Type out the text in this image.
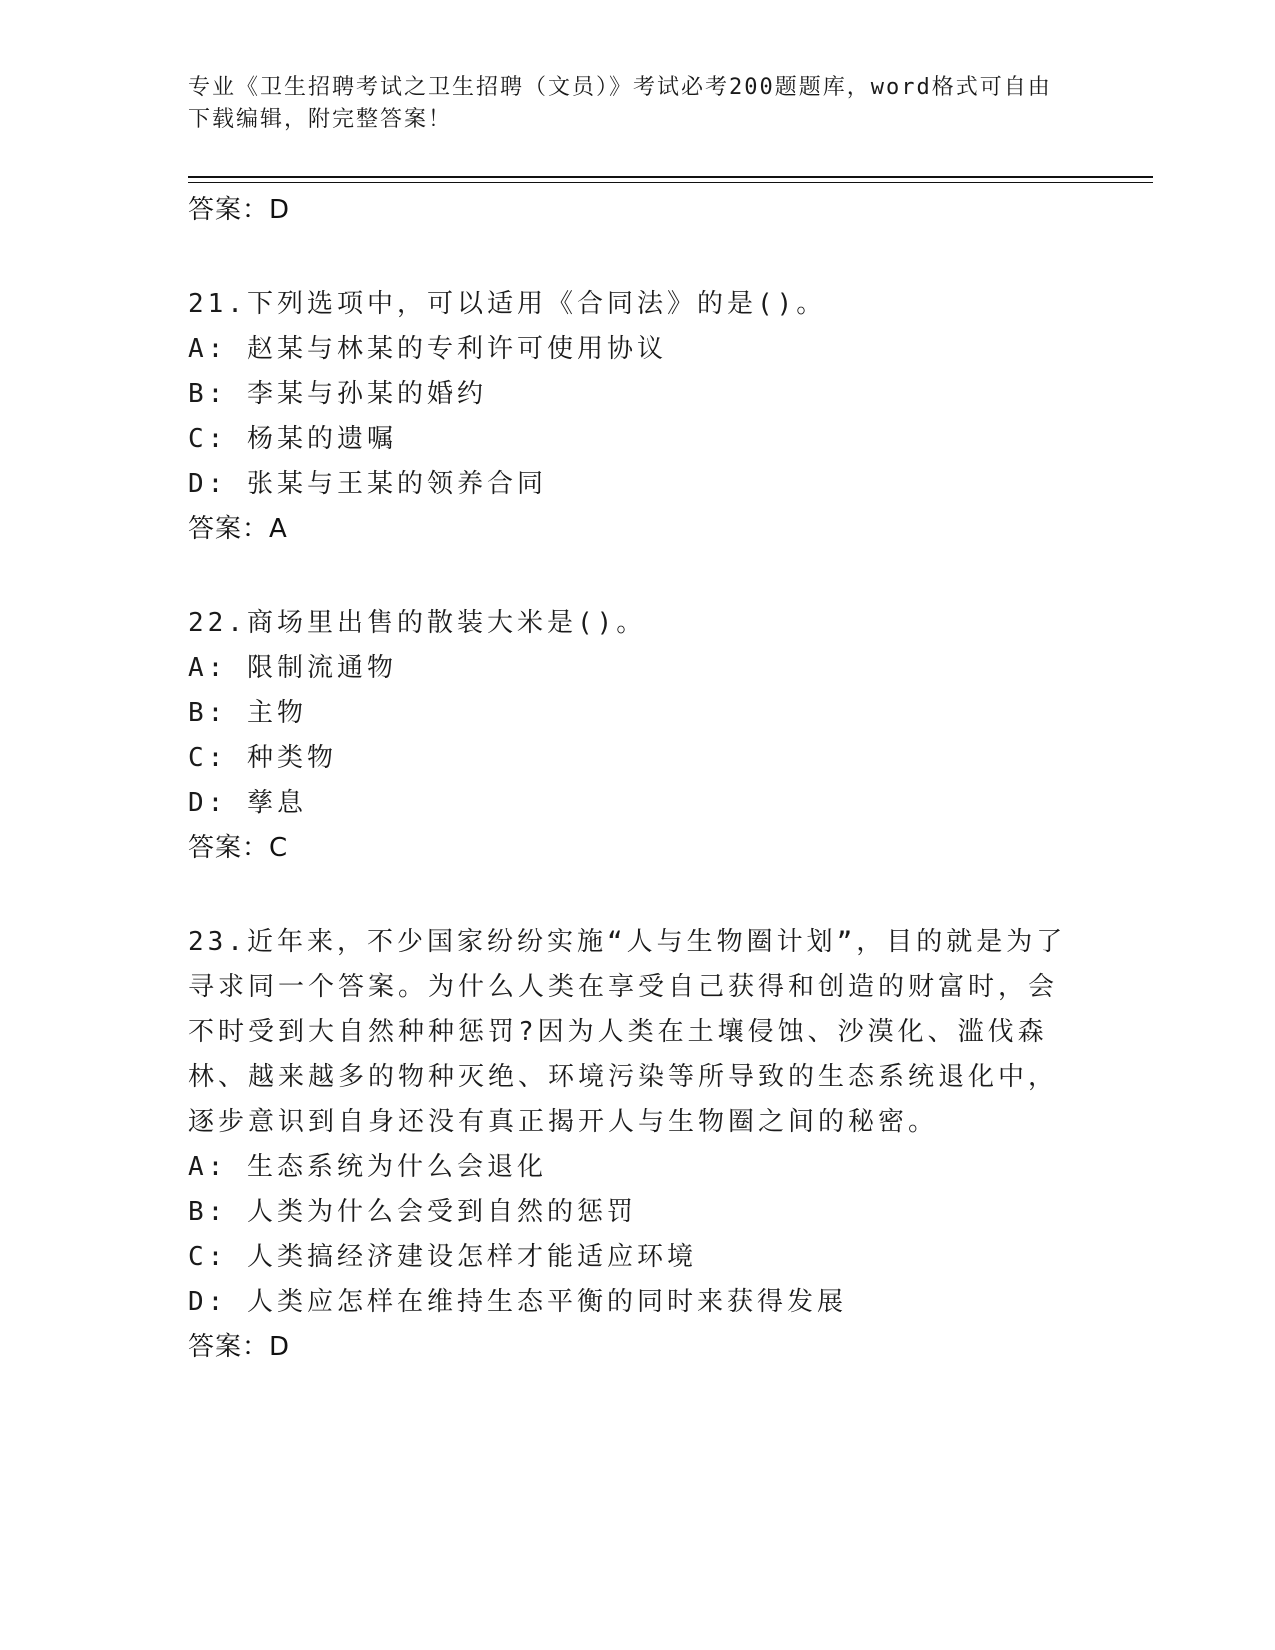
专业《卫生招聘考试之卫生招聘（文员）》考试必考200题题库，word格式可自由下载编辑，附完整答案！
答案：D
21.下列选项中，可以适用《合同法》的是()。
A: 赵某与林某的专利许可使用协议
B: 李某与孙某的婚约
C: 杨某的遗嘱
D: 张某与王某的领养合同
答案：A
22.商场里出售的散装大米是()。
A: 限制流通物
B: 主物
C: 种类物
D: 孳息
答案：C
23.近年来，不少国家纷纷实施“人与生物圈计划”，目的就是为了寻求同一个答案。为什么人类在享受自己获得和创造的财富时，会不时受到大自然种种惩罚?因为人类在土壤侵蚀、沙漠化、滥伐森林、越来越多的物种灭绝、环境污染等所导致的生态系统退化中，逐步意识到自身还没有真正揭开人与生物圈之间的秘密。
A: 生态系统为什么会退化
B: 人类为什么会受到自然的惩罚
C: 人类搞经济建设怎样才能适应环境
D: 人类应怎样在维持生态平衡的同时来获得发展
答案：D
